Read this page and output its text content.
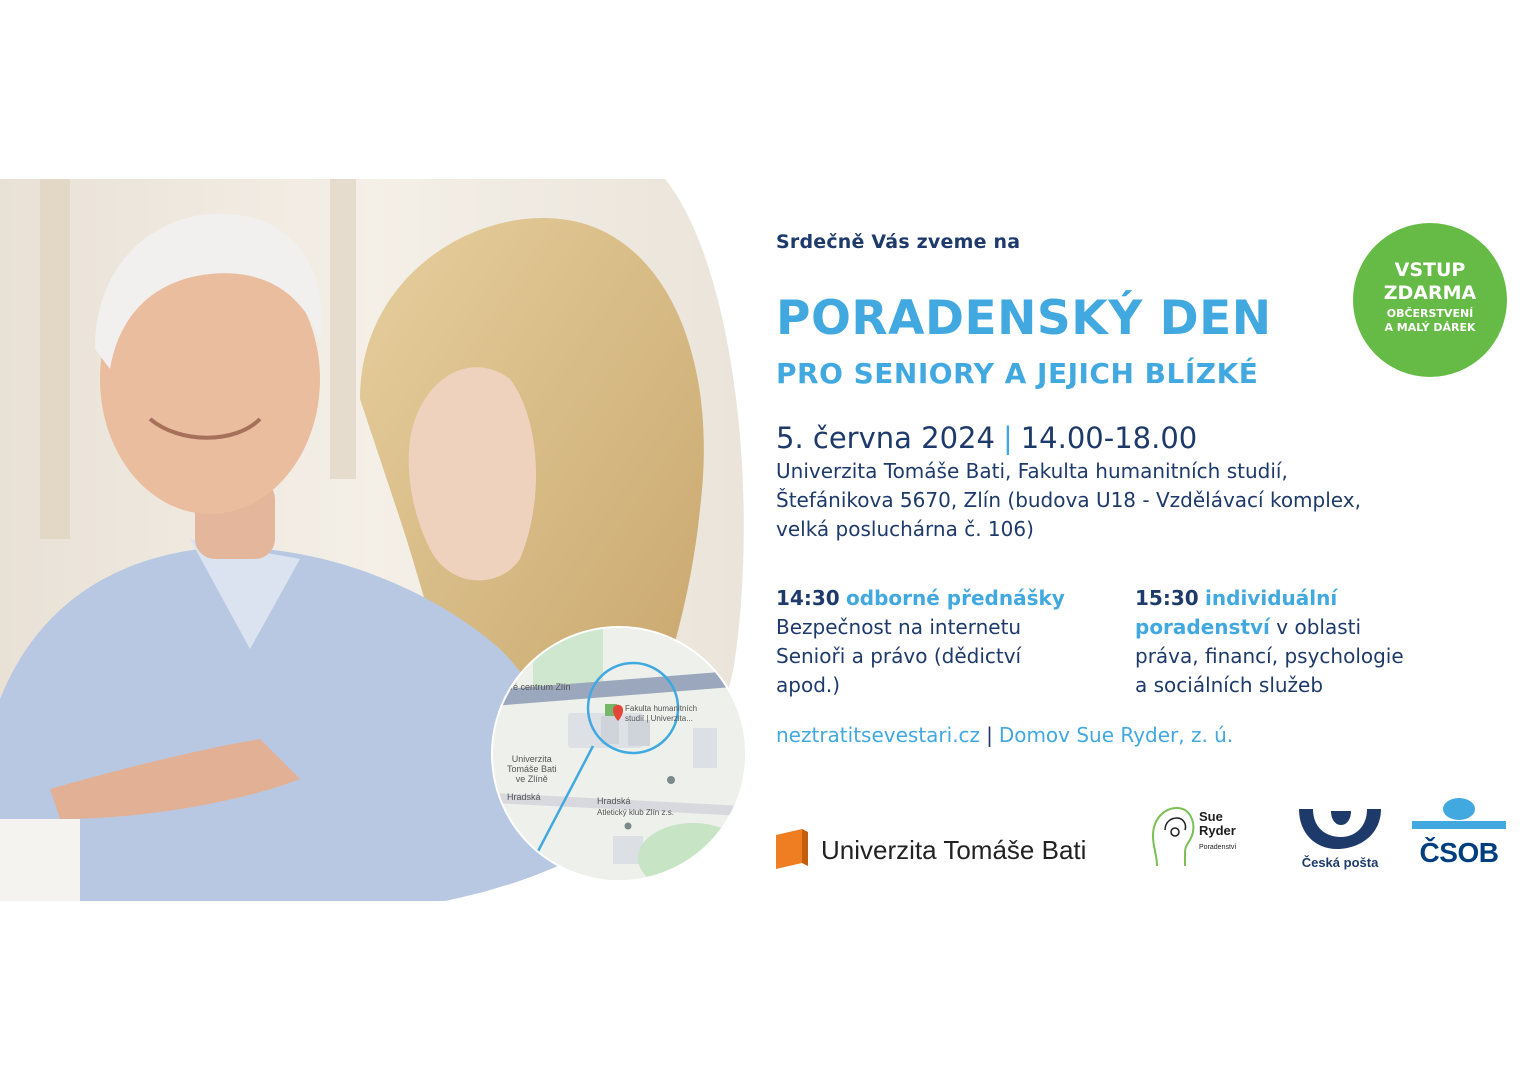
sové centrum Zlín
Fakulta humanitních
studií | Univerzita...
Univerzita
Tomáše Bati
ve Zlíně
Hradská	Hradská
Atletický klub Zlín z.s.
Srdečně Vás zveme na
PORADENSKÝ DEN
PRO SENIORY A JEJICH BLÍZKÉ
5. června 2024 | 14.00-18.00
Univerzita Tomáše Bati, Fakulta humanitních studií,
Štefánikova 5670, Zlín (budova U18 - Vzdělávací komplex,
velká posluchárna č. 106)
14:30 odborné přednášky
Bezpečnost na internetu
Senioři a právo (dědictví
apod.)
15:30 individuální
poradenství v oblasti
práva, financí, psychologie
a sociálních služeb
neztratitsevestari.cz | Domov Sue Ryder, z. ú.
VSTUP
ZDARMA
OBČERSTVENÍ
A MALÝ DÁREK
Univerzita Tomáše Bati
Sue
Ryder
Poradenství
Česká pošta ČSOB
